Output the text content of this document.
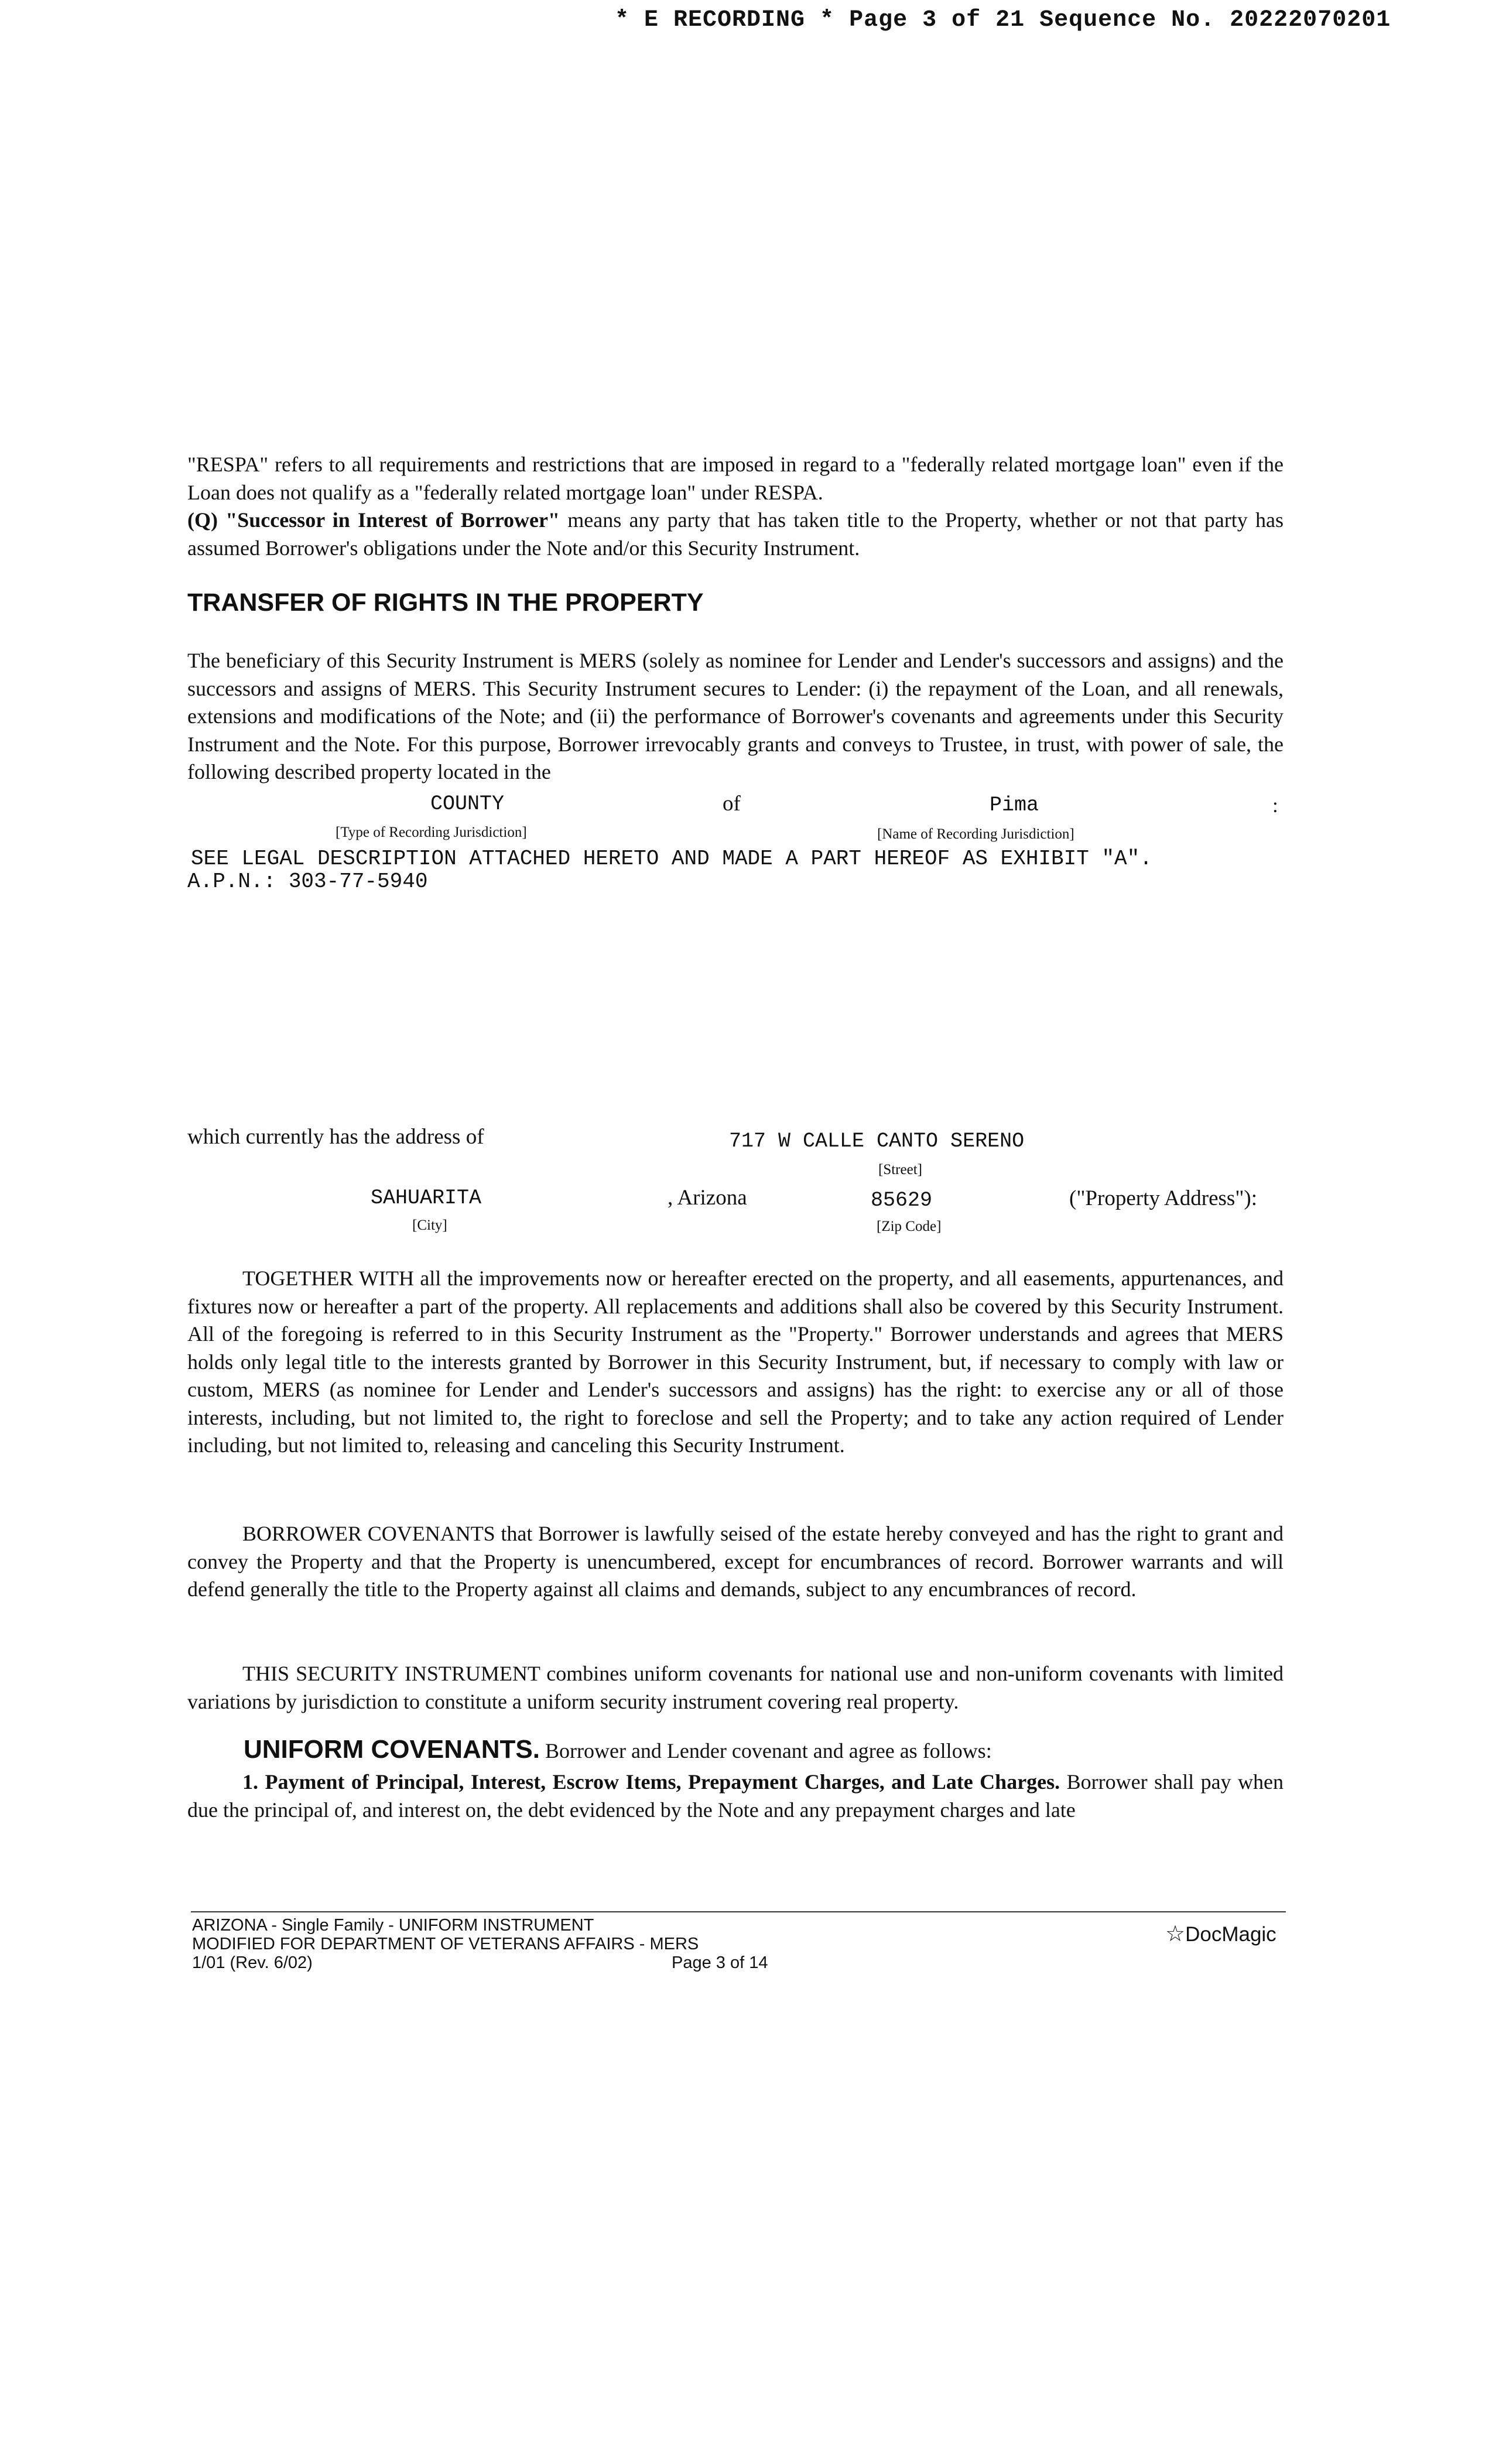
* E RECORDING * Page 3 of 21 Sequence No. 20222070201
"RESPA" refers to all requirements and restrictions that are imposed in regard to a "federally related mortgage loan" even if the Loan does not qualify as a "federally related mortgage loan" under RESPA.
(Q) "Successor in Interest of Borrower" means any party that has taken title to the Property, whether or not that party has assumed Borrower's obligations under the Note and/or this Security Instrument.
TRANSFER OF RIGHTS IN THE PROPERTY
The beneficiary of this Security Instrument is MERS (solely as nominee for Lender and Lender's successors and assigns) and the successors and assigns of MERS. This Security Instrument secures to Lender: (i) the repayment of the Loan, and all renewals, extensions and modifications of the Note; and (ii) the performance of Borrower's covenants and agreements under this Security Instrument and the Note. For this purpose, Borrower irrevocably grants and conveys to Trustee, in trust, with power of sale, the following described property located in the
COUNTY	of	Pima	:
[Type of Recording Jurisdiction]	[Name of Recording Jurisdiction]
SEE LEGAL DESCRIPTION ATTACHED HERETO AND MADE A PART HEREOF AS EXHIBIT "A".
A.P.N.: 303-77-5940
which currently has the address of	717 W CALLE CANTO SERENO
[Street]
SAHUARITA	, Arizona	85629	("Property Address"):
[City]	[Zip Code]
TOGETHER WITH all the improvements now or hereafter erected on the property, and all easements, appurtenances, and fixtures now or hereafter a part of the property. All replacements and additions shall also be covered by this Security Instrument. All of the foregoing is referred to in this Security Instrument as the "Property." Borrower understands and agrees that MERS holds only legal title to the interests granted by Borrower in this Security Instrument, but, if necessary to comply with law or custom, MERS (as nominee for Lender and Lender's successors and assigns) has the right: to exercise any or all of those interests, including, but not limited to, the right to foreclose and sell the Property; and to take any action required of Lender including, but not limited to, releasing and canceling this Security Instrument.
BORROWER COVENANTS that Borrower is lawfully seised of the estate hereby conveyed and has the right to grant and convey the Property and that the Property is unencumbered, except for encumbrances of record. Borrower warrants and will defend generally the title to the Property against all claims and demands, subject to any encumbrances of record.
THIS SECURITY INSTRUMENT combines uniform covenants for national use and non-uniform covenants with limited variations by jurisdiction to constitute a uniform security instrument covering real property.
UNIFORM COVENANTS. Borrower and Lender covenant and agree as follows:
1. Payment of Principal, Interest, Escrow Items, Prepayment Charges, and Late Charges. Borrower shall pay when due the principal of, and interest on, the debt evidenced by the Note and any prepayment charges and late
ARIZONA - Single Family - UNIFORM INSTRUMENT
MODIFIED FOR DEPARTMENT OF VETERANS AFFAIRS - MERS
1/01 (Rev. 6/02)	Page 3 of 14
☆DocMagic
